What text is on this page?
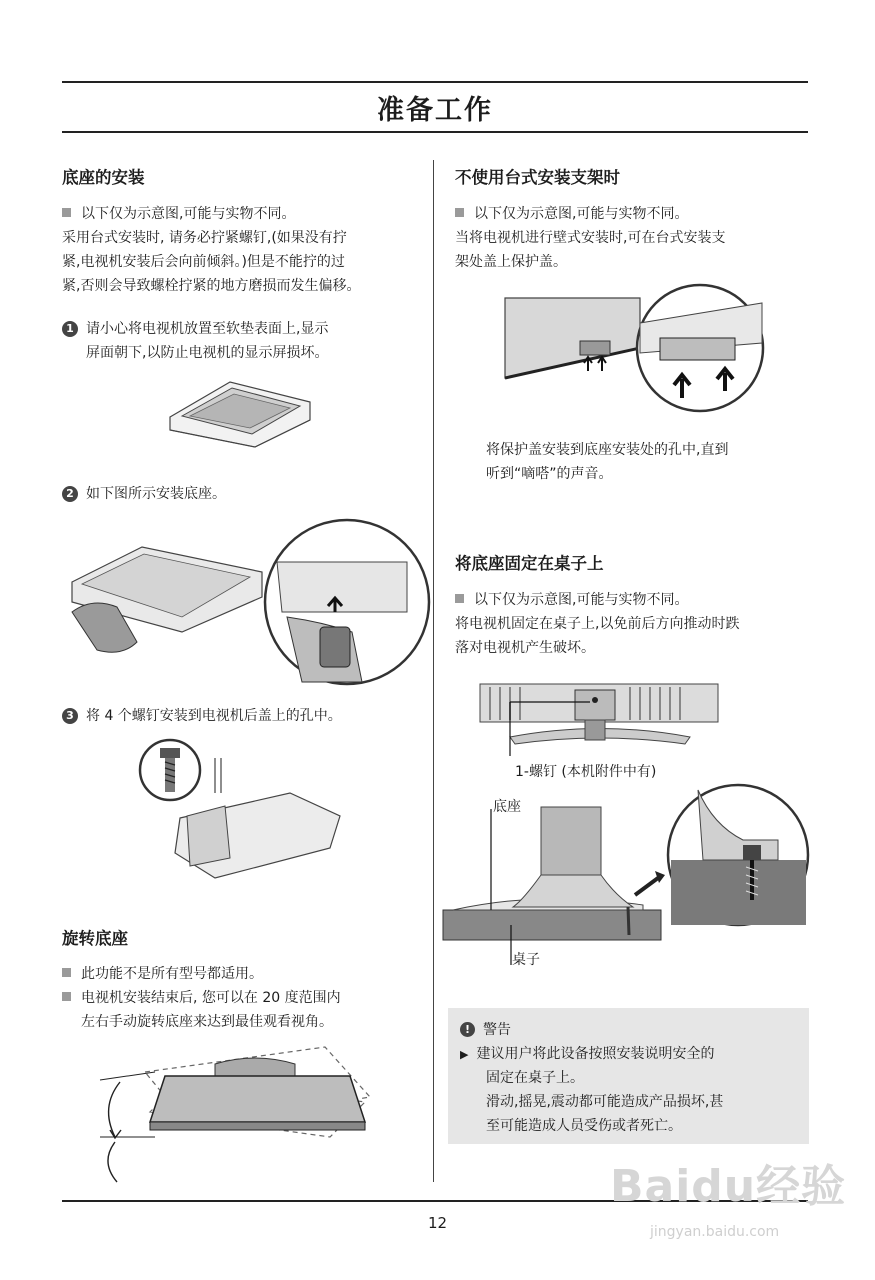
准备工作
底座的安装
以下仅为示意图,可能与实物不同。
采用台式安装时, 请务必拧紧螺钉,(如果没有拧
紧,电视机安装后会向前倾斜。)但是不能拧的过
紧,否则会导致螺栓拧紧的地方磨损而发生偏移。
1 请小心将电视机放置至软垫表面上,显示
屏面朝下,以防止电视机的显示屏损坏。
2 如下图所示安装底座。
3 将 4 个螺钉安装到电视机后盖上的孔中。
旋转底座
此功能不是所有型号都适用。
电视机安装结束后, 您可以在 20 度范围内
左右手动旋转底座来达到最佳观看视角。
不使用台式安装支架时
以下仅为示意图,可能与实物不同。
当将电视机进行壁式安装时,可在台式安装支
架处盖上保护盖。
将保护盖安装到底座安装处的孔中,直到
听到“嘀嗒”的声音。
将底座固定在桌子上
以下仅为示意图,可能与实物不同。
将电视机固定在桌子上,以免前后方向推动时跌
落对电视机产生破坏。
1-螺钉 (本机附件中有)
底座
桌子
! 警告
▶ 建议用户将此设备按照安装说明安全的
固定在桌子上。
滑动,摇晃,震动都可能造成产品损坏,甚
至可能造成人员受伤或者死亡。
12
Baidu经验
jingyan.baidu.com
